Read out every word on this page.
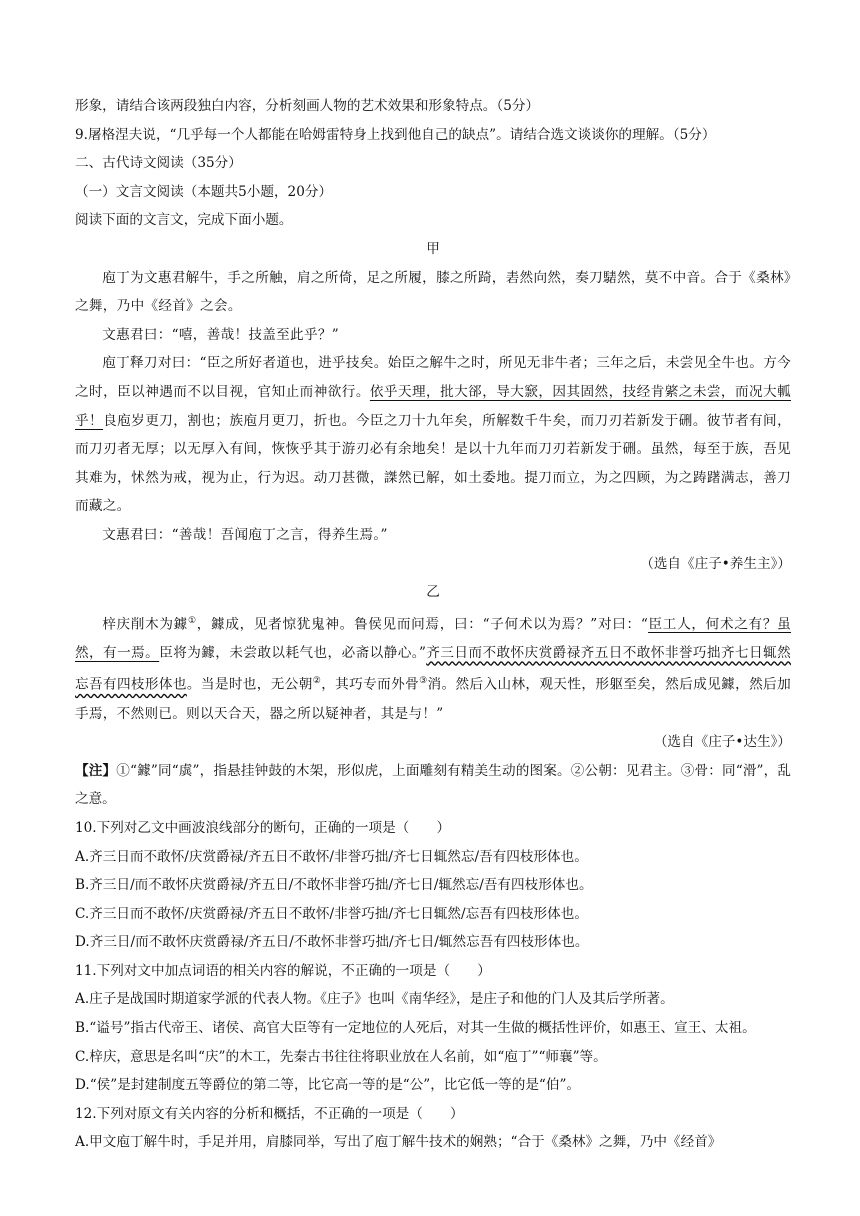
形象，请结合该两段独白内容，分析刻画人物的艺术效果和形象特点。（5分）

9.屠格涅夫说，“几乎每一个人都能在哈姆雷特身上找到他自己的缺点”。请结合选文谈谈你的理解。（5分）

二、古代诗文阅读（35分）

（一）文言文阅读（本题共5小题，20分）

阅读下面的文言文，完成下面小题。

甲

庖丁为文惠君解牛，手之所触，肩之所倚，足之所履，膝之所踦，砉然向然，奏刀騞然，莫不中音。合于《桑林》之舞，乃中《经首》之会。

文惠君曰：“嘻，善哉！技盖至此乎？”

庖丁释刀对曰：“臣之所好者道也，进乎技矣。始臣之解牛之时，所见无非牛者；三年之后，未尝见全牛也。方今之时，臣以神遇而不以目视，官知止而神欲行。依乎天理，批大郤，导大窾，因其固然，技经肯綮之未尝，而况大軱乎！良庖岁更刀，割也；族庖月更刀，折也。今臣之刀十九年矣，所解数千牛矣，而刀刃若新发于硎。彼节者有间，而刀刃者无厚；以无厚入有间，恢恢乎其于游刃必有余地矣！是以十九年而刀刃若新发于硎。虽然，每至于族，吾见其难为，怵然为戒，视为止，行为迟。动刀甚微，謋然已解，如土委地。提刀而立，为之四顾，为之踌躇满志，善刀而藏之。

文惠君曰：“善哉！吾闻庖丁之言，得养生焉。”

（选自《庄子•养生主》）

乙

梓庆削木为鐻①，鐻成，见者惊犹鬼神。鲁侯见而问焉，曰：“子何术以为焉？”对曰：“臣工人，何术之有？虽然，有一焉。臣将为鐻，未尝敢以耗气也，必斋以静心。”齐三日而不敢怀庆赏爵禄齐五日不敢怀非誉巧拙齐七日辄然忘吾有四枝形体也。当是时也，无公朝②，其巧专而外骨③消。然后入山林，观天性，形躯至矣，然后成见鐻，然后加手焉，不然则已。则以天合天，器之所以疑神者，其是与！”

（选自《庄子•达生》）

【注】①“鐻”同“虡”，指悬挂钟鼓的木架，形似虎，上面雕刻有精美生动的图案。②公朝：见君主。③骨：同“滑”，乱之意。

10.下列对乙文中画波浪线部分的断句，正确的一项是（　　）

A.齐三日而不敢怀/庆赏爵禄/齐五日不敢怀/非誉巧拙/齐七日辄然忘/吾有四枝形体也。

B.齐三日/而不敢怀庆赏爵禄/齐五日/不敢怀非誉巧拙/齐七日/辄然忘/吾有四枝形体也。

C.齐三日而不敢怀/庆赏爵禄/齐五日不敢怀/非誉巧拙/齐七日辄然/忘吾有四枝形体也。

D.齐三日/而不敢怀庆赏爵禄/齐五日/不敢怀非誉巧拙/齐七日/辄然忘吾有四枝形体也。

11.下列对文中加点词语的相关内容的解说，不正确的一项是（　　）

A.庄子是战国时期道家学派的代表人物。《庄子》也叫《南华经》，是庄子和他的门人及其后学所著。

B.“谥号”指古代帝王、诸侯、高官大臣等有一定地位的人死后，对其一生做的概括性评价，如惠王、宣王、太祖。

C.梓庆，意思是名叫“庆”的木工，先秦古书往往将职业放在人名前，如“庖丁”“师襄”等。

D.“侯”是封建制度五等爵位的第二等，比它高一等的是“公”，比它低一等的是“伯”。

12.下列对原文有关内容的分析和概括，不正确的一项是（　　）

A.甲文庖丁解牛时，手足并用，肩膝同举，写出了庖丁解牛技术的娴熟；“合于《桑林》之舞，乃中《经首》
